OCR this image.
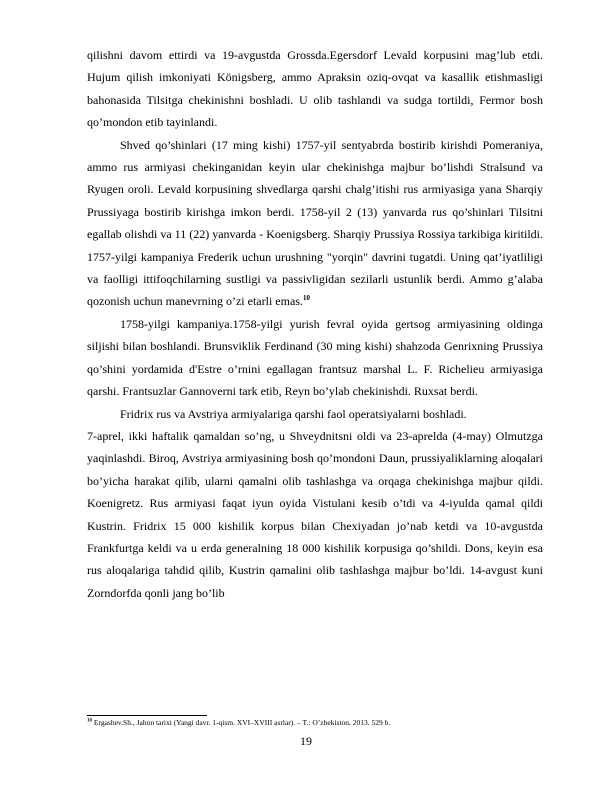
qilishni davom ettirdi va 19-avgustda Grossda.Egersdorf Levald korpusini mag’lub etdi. Hujum qilish imkoniyati Königsberg, ammo Apraksin oziq-ovqat va kasallik etishmasligi bahonasida Tilsitga chekinishni boshladi. U olib tashlandi va sudga tortildi, Fermor bosh qo’mondon etib tayinlandi.

Shved qo’shinlari (17 ming kishi) 1757-yil sentyabrda bostirib kirishdi Pomeraniya, ammo rus armiyasi chekinganidan keyin ular chekinishga majbur bo’lishdi Stralsund va Ryugen oroli. Levald korpusining shvedlarga qarshi chalg’itishi rus armiyasiga yana Sharqiy Prussiyaga bostirib kirishga imkon berdi. 1758-yil 2 (13) yanvarda rus qo’shinlari Tilsitni egallab olishdi va 11 (22) yanvarda - Koenigsberg. Sharqiy Prussiya Rossiya tarkibiga kiritildi. 1757-yilgi kampaniya Frederik uchun urushning "yorqin" davrini tugatdi. Uning qat’iyatliligi va faolligi ittifoqchilarning sustligi va passivligidan sezilarli ustunlik berdi. Ammo g’alaba qozonish uchun manevrning o’zi etarli emas.$^{10}$

1758-yilgi kampaniya.1758-yilgi yurish fevral oyida gertsog armiyasining oldinga siljishi bilan boshlandi. Brunsviklik Ferdinand (30 ming kishi) shahzoda Genrixning Prussiya qo’shini yordamida d'Estre o’rnini egallagan frantsuz marshal L. F. Richelieu armiyasiga qarshi. Frantsuzlar Gannoverni tark etib, Reyn bo’ylab chekinishdi. Ruxsat berdi.

Fridrix rus va Avstriya armiyalariga qarshi faol operatsiyalarni boshladi.

7-aprel, ikki haftalik qamaldan so’ng, u Shveydnitsni oldi va 23-aprelda (4-may) Olmutzga yaqinlashdi. Biroq, Avstriya armiyasining bosh qo’mondoni Daun, prussiyaliklarning aloqalari bo’yicha harakat qilib, ularni qamalni olib tashlashga va orqaga chekinishga majbur qildi. Koenigretz. Rus armiyasi faqat iyun oyida Vistulani kesib o’tdi va 4-iyulda qamal qildi Kustrin. Fridrix 15 000 kishilik korpus bilan Chexiyadan jo’nab ketdi va 10-avgustda Frankfurtga keldi va u erda generalning 18 000 kishilik korpusiga qo’shildi. Dons, keyin esa rus aloqalariga tahdid qilib, Kustrin qamalini olib tashlashga majbur bo’ldi. 14-avgust kuni Zorndorfda qonli jang bo’lib

$^{10}$ Ergashev.Sh., Jahon tarixi (Yangi davr. 1-qism. XVI–XVIII asrlar). – T.: O’zbekiston, 2013. 529 b.
19
